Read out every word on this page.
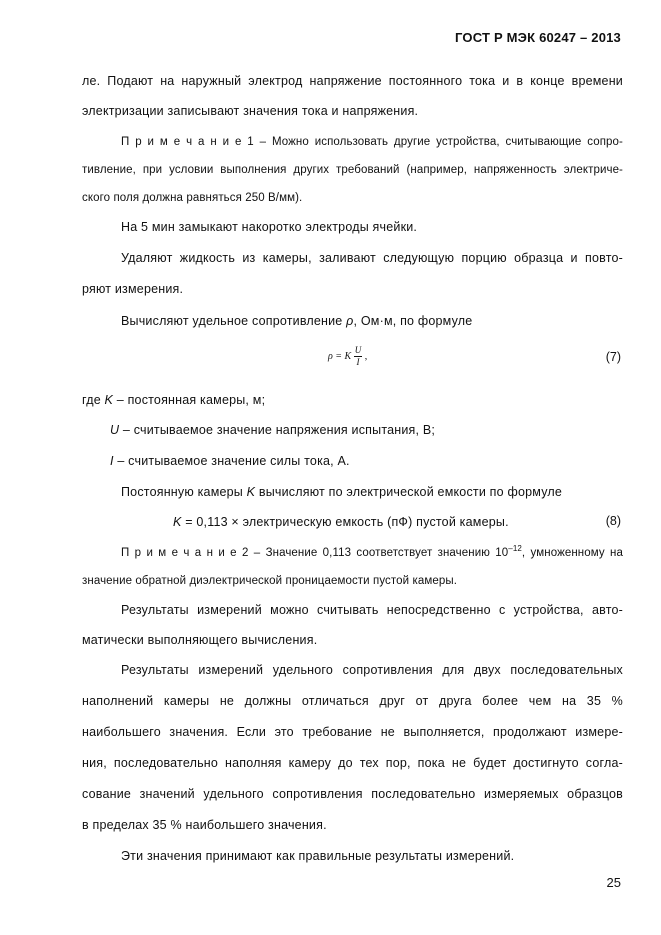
ГОСТ Р МЭК 60247 – 2013
ле. Подают на наружный электрод напряжение постоянного тока и в конце времени
электризации записывают значения тока и напряжения.
П р и м е ч а н и е 1 – Можно использовать другие устройства, считывающие сопро-
тивление, при условии выполнения других требований (например, напряженность электриче-
ского поля должна равняться 250 В/мм).
На 5 мин замыкают накоротко электроды ячейки.
Удаляют жидкость из камеры, заливают следующую порцию образца и повто-
ряют измерения.
Вычисляют удельное сопротивление ρ, Ом·м, по формуле
ρ = K $\frac{U}{I}$ ,	(7)
где K – постоянная камеры, м;
U – считываемое значение напряжения испытания, В;
I – считываемое значение силы тока, А.
Постоянную камеры K вычисляют по электрической емкости по формуле
K = 0,113 × электрическую емкость (пФ) пустой камеры.	(8)
П р и м е ч а н и е 2 – Значение 0,113 соответствует значению $10^{-12}$, умноженному на
значение обратной диэлектрической проницаемости пустой камеры.
Результаты измерений можно считывать непосредственно с устройства, авто-
матически выполняющего вычисления.
Результаты измерений удельного сопротивления для двух последовательных
наполнений камеры не должны отличаться друг от друга более чем на 35 %
наибольшего значения. Если это требование не выполняется, продолжают измере-
ния, последовательно наполняя камеру до тех пор, пока не будет достигнуто согла-
сование значений удельного сопротивления последовательно измеряемых образцов
в пределах 35 % наибольшего значения.
Эти значения принимают как правильные результаты измерений.
25
